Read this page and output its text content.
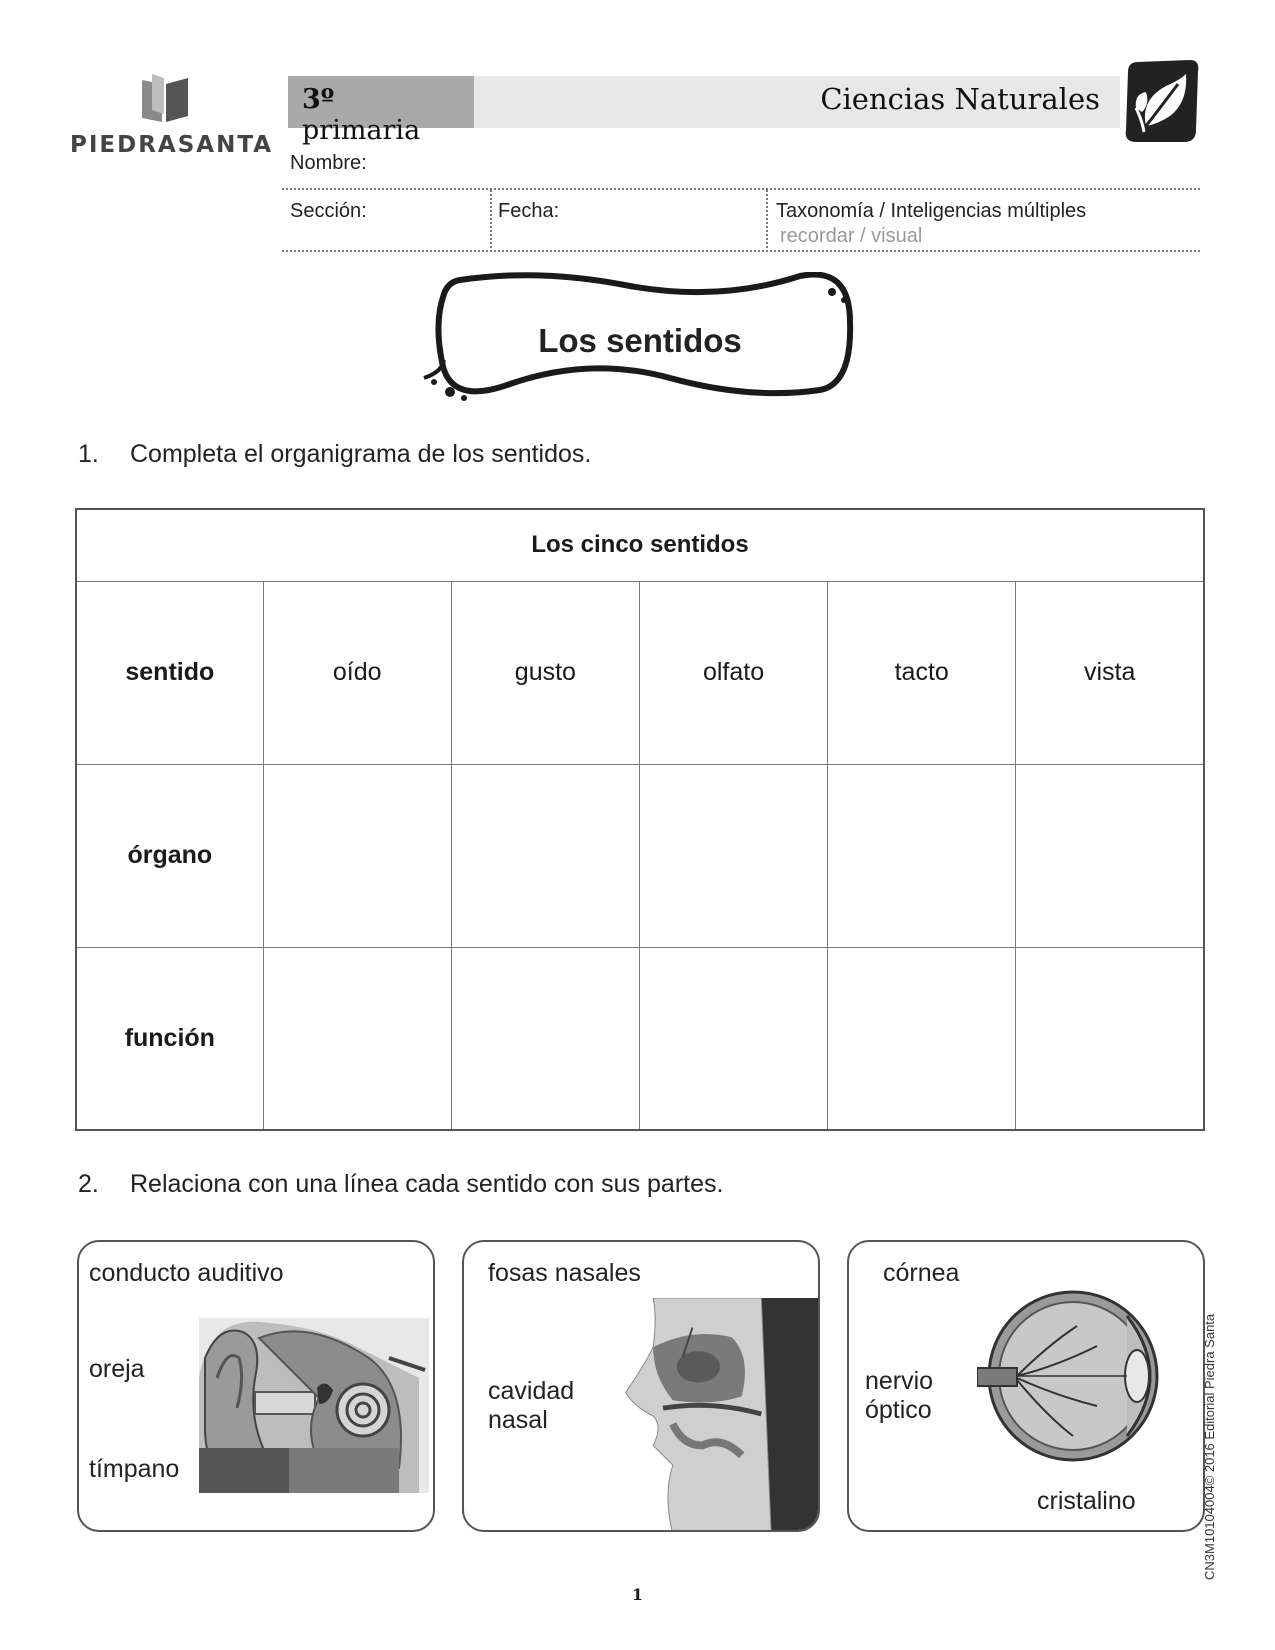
PIEDRASANTA
3º primaria
Ciencias Naturales
Nombre:
Sección:	Fecha:	Taxonomía / Inteligencias múltiples
recordar / visual
Los sentidos
1. Completa el organigrama de los sentidos.
Los cinco sentidos					
sentido	oído	gusto	olfato	tacto	vista
órgano					
función					
2. Relaciona con una línea cada sentido con sus partes.
conducto auditivo
oreja
tímpano
fosas nasales
cavidad
nasal
córnea
nervio
óptico
cristalino	CN3M10104004© 2016 Editorial Piedra Santa
1
